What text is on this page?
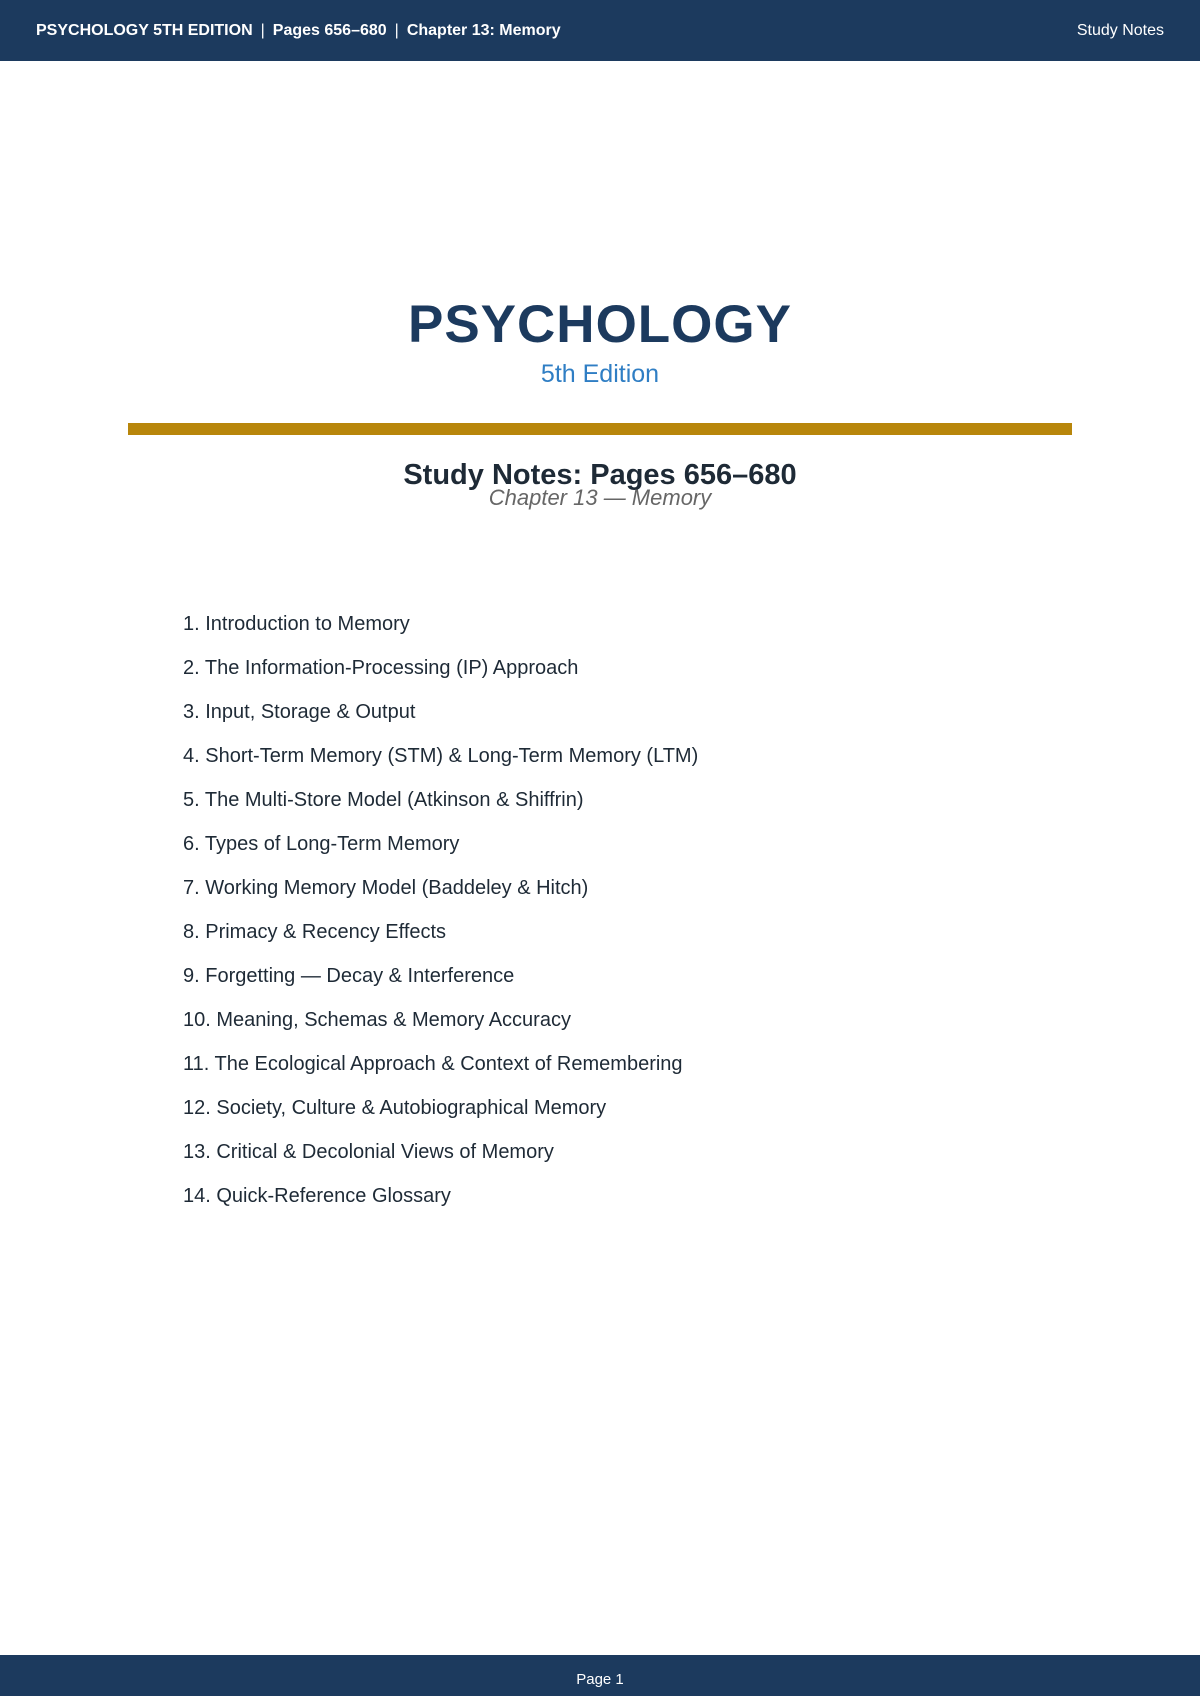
PSYCHOLOGY 5TH EDITION | Pages 656–680 | Chapter 13: Memory	Study Notes
PSYCHOLOGY
5th Edition
Study Notes: Pages 656–680
Chapter 13 — Memory
1. Introduction to Memory
2. The Information-Processing (IP) Approach
3. Input, Storage & Output
4. Short-Term Memory (STM) & Long-Term Memory (LTM)
5. The Multi-Store Model (Atkinson & Shiffrin)
6. Types of Long-Term Memory
7. Working Memory Model (Baddeley & Hitch)
8. Primacy & Recency Effects
9. Forgetting — Decay & Interference
10. Meaning, Schemas & Memory Accuracy
11. The Ecological Approach & Context of Remembering
12. Society, Culture & Autobiographical Memory
13. Critical & Decolonial Views of Memory
14. Quick-Reference Glossary
Page 1
